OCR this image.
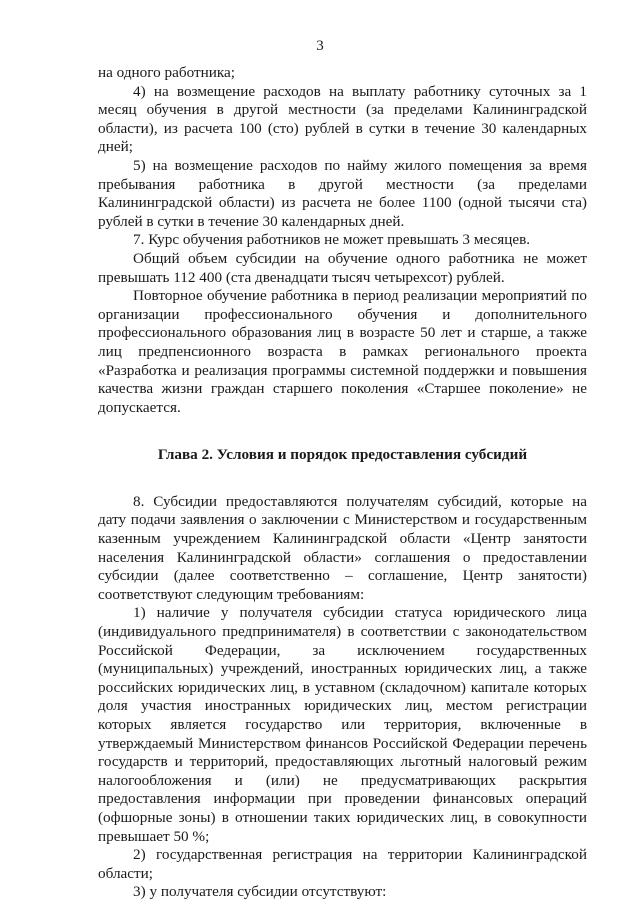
3

на одного работника;

4) на возмещение расходов на выплату работнику суточных за 1 месяц обучения в другой местности (за пределами Калининградской области), из расчета 100 (сто) рублей в сутки в течение 30 календарных дней;

5) на возмещение расходов по найму жилого помещения за время пребывания работника в другой местности (за пределами Калининградской области) из расчета не более 1100 (одной тысячи ста) рублей в сутки в течение 30 календарных дней.

7. Курс обучения работников не может превышать 3 месяцев.

Общий объем субсидии на обучение одного работника не может превышать 112 400 (ста двенадцати тысяч четырехсот) рублей.

Повторное обучение работника в период реализации мероприятий по организации профессионального обучения и дополнительного профессионального образования лиц в возрасте 50 лет и старше, а также лиц предпенсионного возраста в рамках регионального проекта «Разработка и реализация программы системной поддержки и повышения качества жизни граждан старшего поколения «Старшее поколение» не допускается.

Глава 2. Условия и порядок предоставления субсидий

8. Субсидии предоставляются получателям субсидий, которые на дату подачи заявления о заключении с Министерством и государственным казенным учреждением Калининградской области «Центр занятости населения Калининградской области» соглашения о предоставлении субсидии (далее соответственно – соглашение, Центр занятости) соответствуют следующим требованиям:

1) наличие у получателя субсидии статуса юридического лица (индивидуального предпринимателя) в соответствии с законодательством Российской Федерации, за исключением государственных (муниципальных) учреждений, иностранных юридических лиц, а также российских юридических лиц, в уставном (складочном) капитале которых доля участия иностранных юридических лиц, местом регистрации которых является государство или территория, включенные в утверждаемый Министерством финансов Российской Федерации перечень государств и территорий, предоставляющих льготный налоговый режим налогообложения и (или) не предусматривающих раскрытия предоставления информации при проведении финансовых операций (офшорные зоны) в отношении таких юридических лиц, в совокупности превышает 50 %;

2) государственная регистрация на территории Калининградской области;

3) у получателя субсидии отсутствуют:
